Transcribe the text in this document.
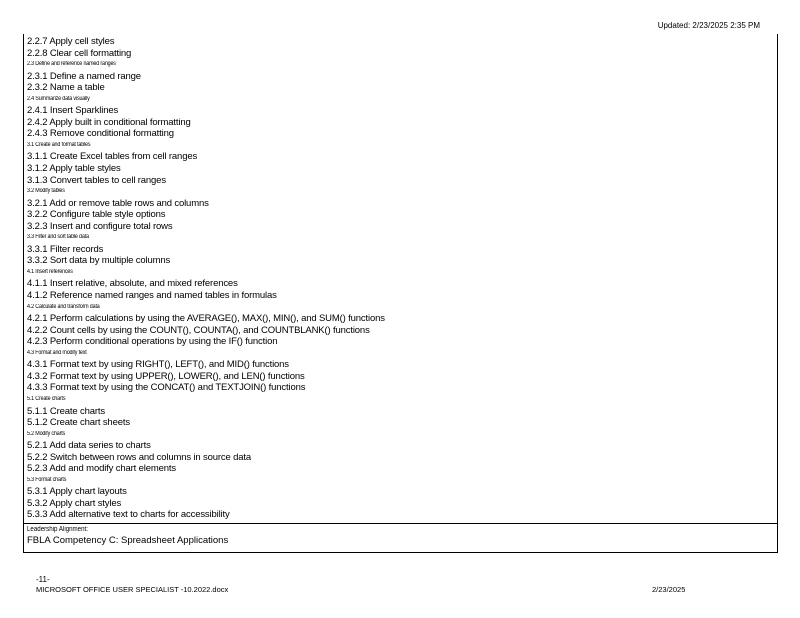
Updated: 2/23/2025 2:35 PM
2.2.7 Apply cell styles
2.2.8 Clear cell formatting
2.3 Define and reference named ranges
2.3.1 Define a named range
2.3.2 Name a table
2.4 Summarize data visually
2.4.1 Insert Sparklines
2.4.2 Apply built in conditional formatting
2.4.3 Remove conditional formatting
3.1 Create and format tables
3.1.1 Create Excel tables from cell ranges
3.1.2 Apply table styles
3.1.3 Convert tables to cell ranges
3.2 Modify tables
3.2.1 Add or remove table rows and columns
3.2.2 Configure table style options
3.2.3 Insert and configure total rows
3.3 Filter and sort table data
3.3.1 Filter records
3.3.2 Sort data by multiple columns
4.1 Insert references
4.1.1 Insert relative, absolute, and mixed references
4.1.2 Reference named ranges and named tables in formulas
4.2 Calculate and transform data
4.2.1 Perform calculations by using the AVERAGE(), MAX(), MIN(), and SUM() functions
4.2.2 Count cells by using the COUNT(), COUNTA(), and COUNTBLANK() functions
4.2.3 Perform conditional operations by using the IF() function
4.3 Format and modify text
4.3.1 Format text by using RIGHT(), LEFT(), and MID() functions
4.3.2 Format text by using UPPER(), LOWER(), and LEN() functions
4.3.3 Format text by using the CONCAT() and TEXTJOIN() functions
5.1 Create charts
5.1.1 Create charts
5.1.2 Create chart sheets
5.2 Modify charts
5.2.1 Add data series to charts
5.2.2 Switch between rows and columns in source data
5.2.3 Add and modify chart elements
5.3 Format charts
5.3.1 Apply chart layouts
5.3.2 Apply chart styles
5.3.3 Add alternative text to charts for accessibility
Leadership Alignment:
FBLA Competency C: Spreadsheet Applications
-11-
MICROSOFT OFFICE USER SPECIALIST -10.2022.docx	2/23/2025
